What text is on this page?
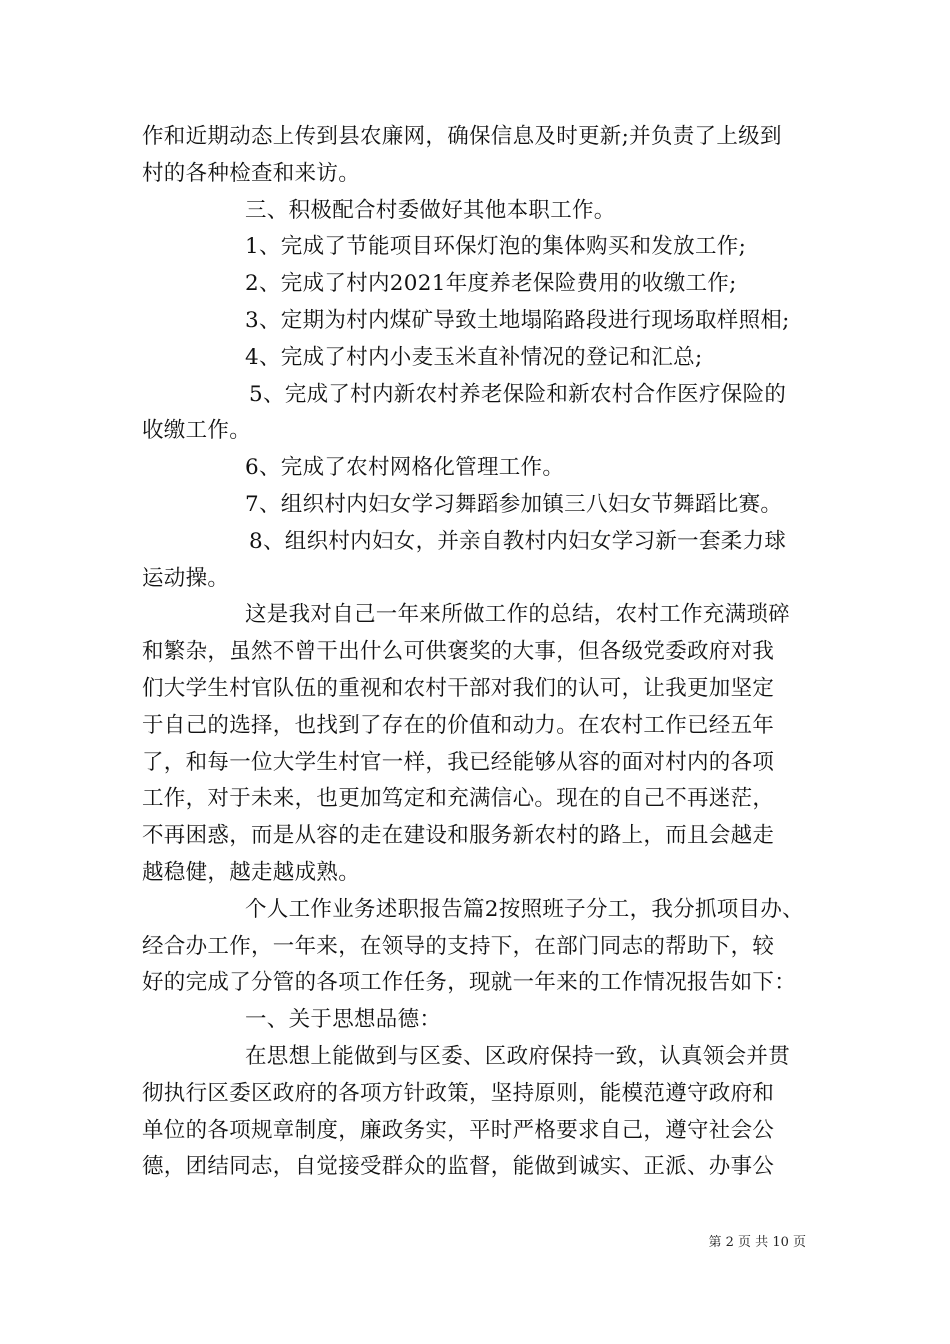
作和近期动态上传到县农廉网，确保信息及时更新;并负责了上级到
村的各种检查和来访。
三、积极配合村委做好其他本职工作。
1、完成了节能项目环保灯泡的集体购买和发放工作;
2、完成了村内2021年度养老保险费用的收缴工作;
3、定期为村内煤矿导致土地塌陷路段进行现场取样照相;
4、完成了村内小麦玉米直补情况的登记和汇总;
5、完成了村内新农村养老保险和新农村合作医疗保险的
收缴工作。
6、完成了农村网格化管理工作。
7、组织村内妇女学习舞蹈参加镇三八妇女节舞蹈比赛。
8、组织村内妇女，并亲自教村内妇女学习新一套柔力球
运动操。
这是我对自己一年来所做工作的总结，农村工作充满琐碎
和繁杂，虽然不曾干出什么可供褒奖的大事，但各级党委政府对我
们大学生村官队伍的重视和农村干部对我们的认可，让我更加坚定
于自己的选择，也找到了存在的价值和动力。在农村工作已经五年
了，和每一位大学生村官一样，我已经能够从容的面对村内的各项
工作，对于未来，也更加笃定和充满信心。现在的自己不再迷茫，
不再困惑，而是从容的走在建设和服务新农村的路上，而且会越走
越稳健，越走越成熟。
个人工作业务述职报告篇2按照班子分工，我分抓项目办、
经合办工作，一年来，在领导的支持下，在部门同志的帮助下，较
好的完成了分管的各项工作任务，现就一年来的工作情况报告如下：
一、关于思想品德：
在思想上能做到与区委、区政府保持一致，认真领会并贯
彻执行区委区政府的各项方针政策，坚持原则，能模范遵守政府和
单位的各项规章制度，廉政务实，平时严格要求自己，遵守社会公
德，团结同志，自觉接受群众的监督，能做到诚实、正派、办事公
第 2 页 共 10 页
